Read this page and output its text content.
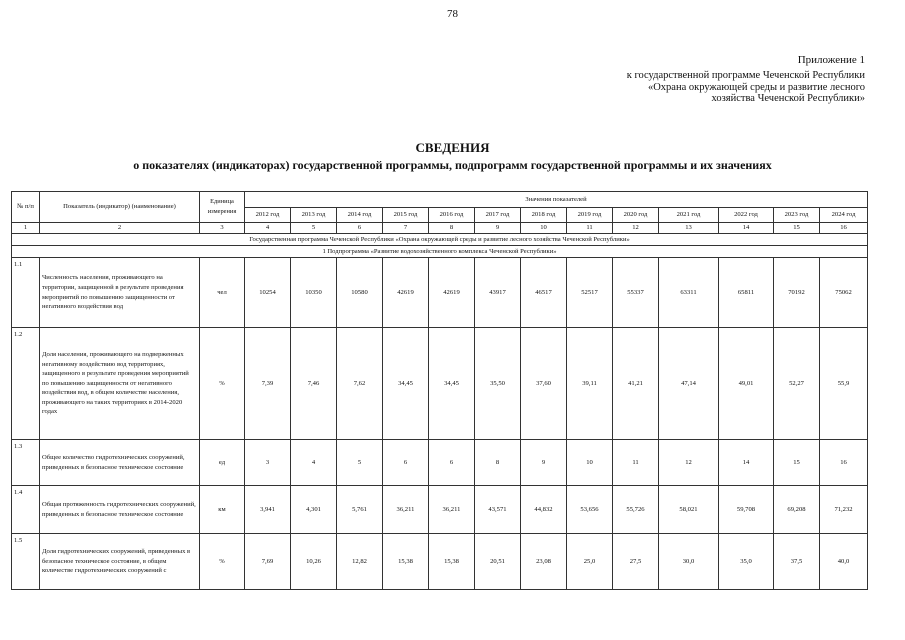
78
Приложение 1
к государственной программе Чеченской Республики «Охрана окружающей среды и развитие лесного хозяйства Чеченской Республики»
СВЕДЕНИЯ
о показателях (индикаторах) государственной программы, подпрограмм государственной программы и их значениях
№ п/п	Показатель (индикатор) (наименование)	Единица измерения	Значения показателей												
			2012 год	2013 год	2014 год	2015 год	2016 год	2017 год	2018 год	2019 год	2020 год	2021 год	2022 год	2023 год	2024 год
1	2	3	4	5	6	7	8	9	10	11	12	13	14	15	16
Государственная программа Чеченской Республики «Охрана окружающей среды и развитие лесного хозяйства Чеченской Республики»															
1 Подпрограмма «Развитие водохозяйственного комплекса Чеченской Республики»															
1.1	Численность населения, проживающего на территории, защищенной в результате проведения мероприятий по повышению защищенности от негативного воздействия вод	чел	10254	10350	10580	42619	42619	43917	46517	52517	55337	63311	65811	70192	75062
1.2	Доля населения, проживающего на подверженных негативному воздействию вод территориях, защищенного в результате проведения мероприятий по повышению защищенности от негативного воздействия вод, в общем количестве населения, проживающего на таких территориях в 2014-2020 годах	%	7,39	7,46	7,62	34,45	34,45	35,50	37,60	39,11	41,21	47,14	49,01	52,27	55,9
1.3	Общее количество гидротехнических сооружений, приведенных в безопасное техническое состояние	ед	3	4	5	6	6	8	9	10	11	12	14	15	16
1.4	Общая протяженность гидротехнических сооружений, приведенных в безопасное техническое состояние	км	3,941	4,301	5,761	36,211	36,211	43,571	44,832	53,656	55,726	58,021	59,708	69,208	71,232
1.5	Доля гидротехнических сооружений, приведенных в безопасное техническое состояние, в общем количестве гидротехнических сооружений с	%	7,69	10,26	12,82	15,38	15,38	20,51	23,08	25,0	27,5	30,0	35,0	37,5	40,0
